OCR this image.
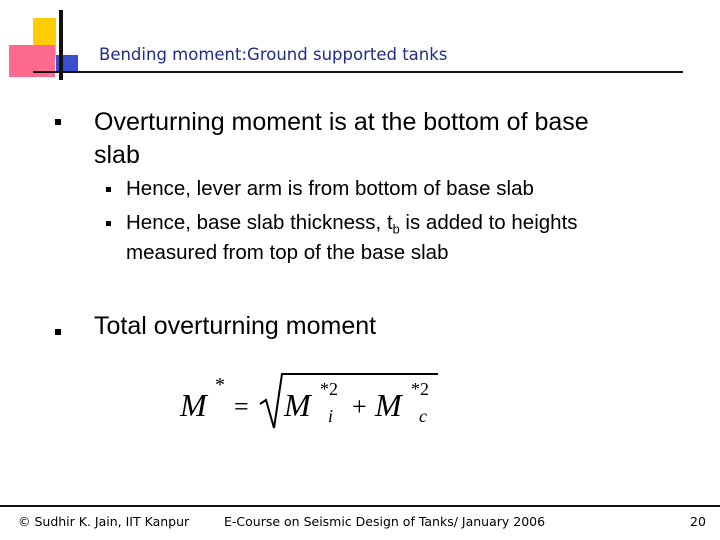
Bending moment:Ground supported tanks
Overturning moment is at the bottom of base
slab
Hence, lever arm is from bottom of base slab
Hence, base slab thickness, $t_b$ is added to heights
measured from top of the base slab
Total overturning moment
M
*
= M *2
i + M *2
c
© Sudhir K. Jain, IIT Kanpur	E-Course on Seismic Design of Tanks/ January 2006	20
